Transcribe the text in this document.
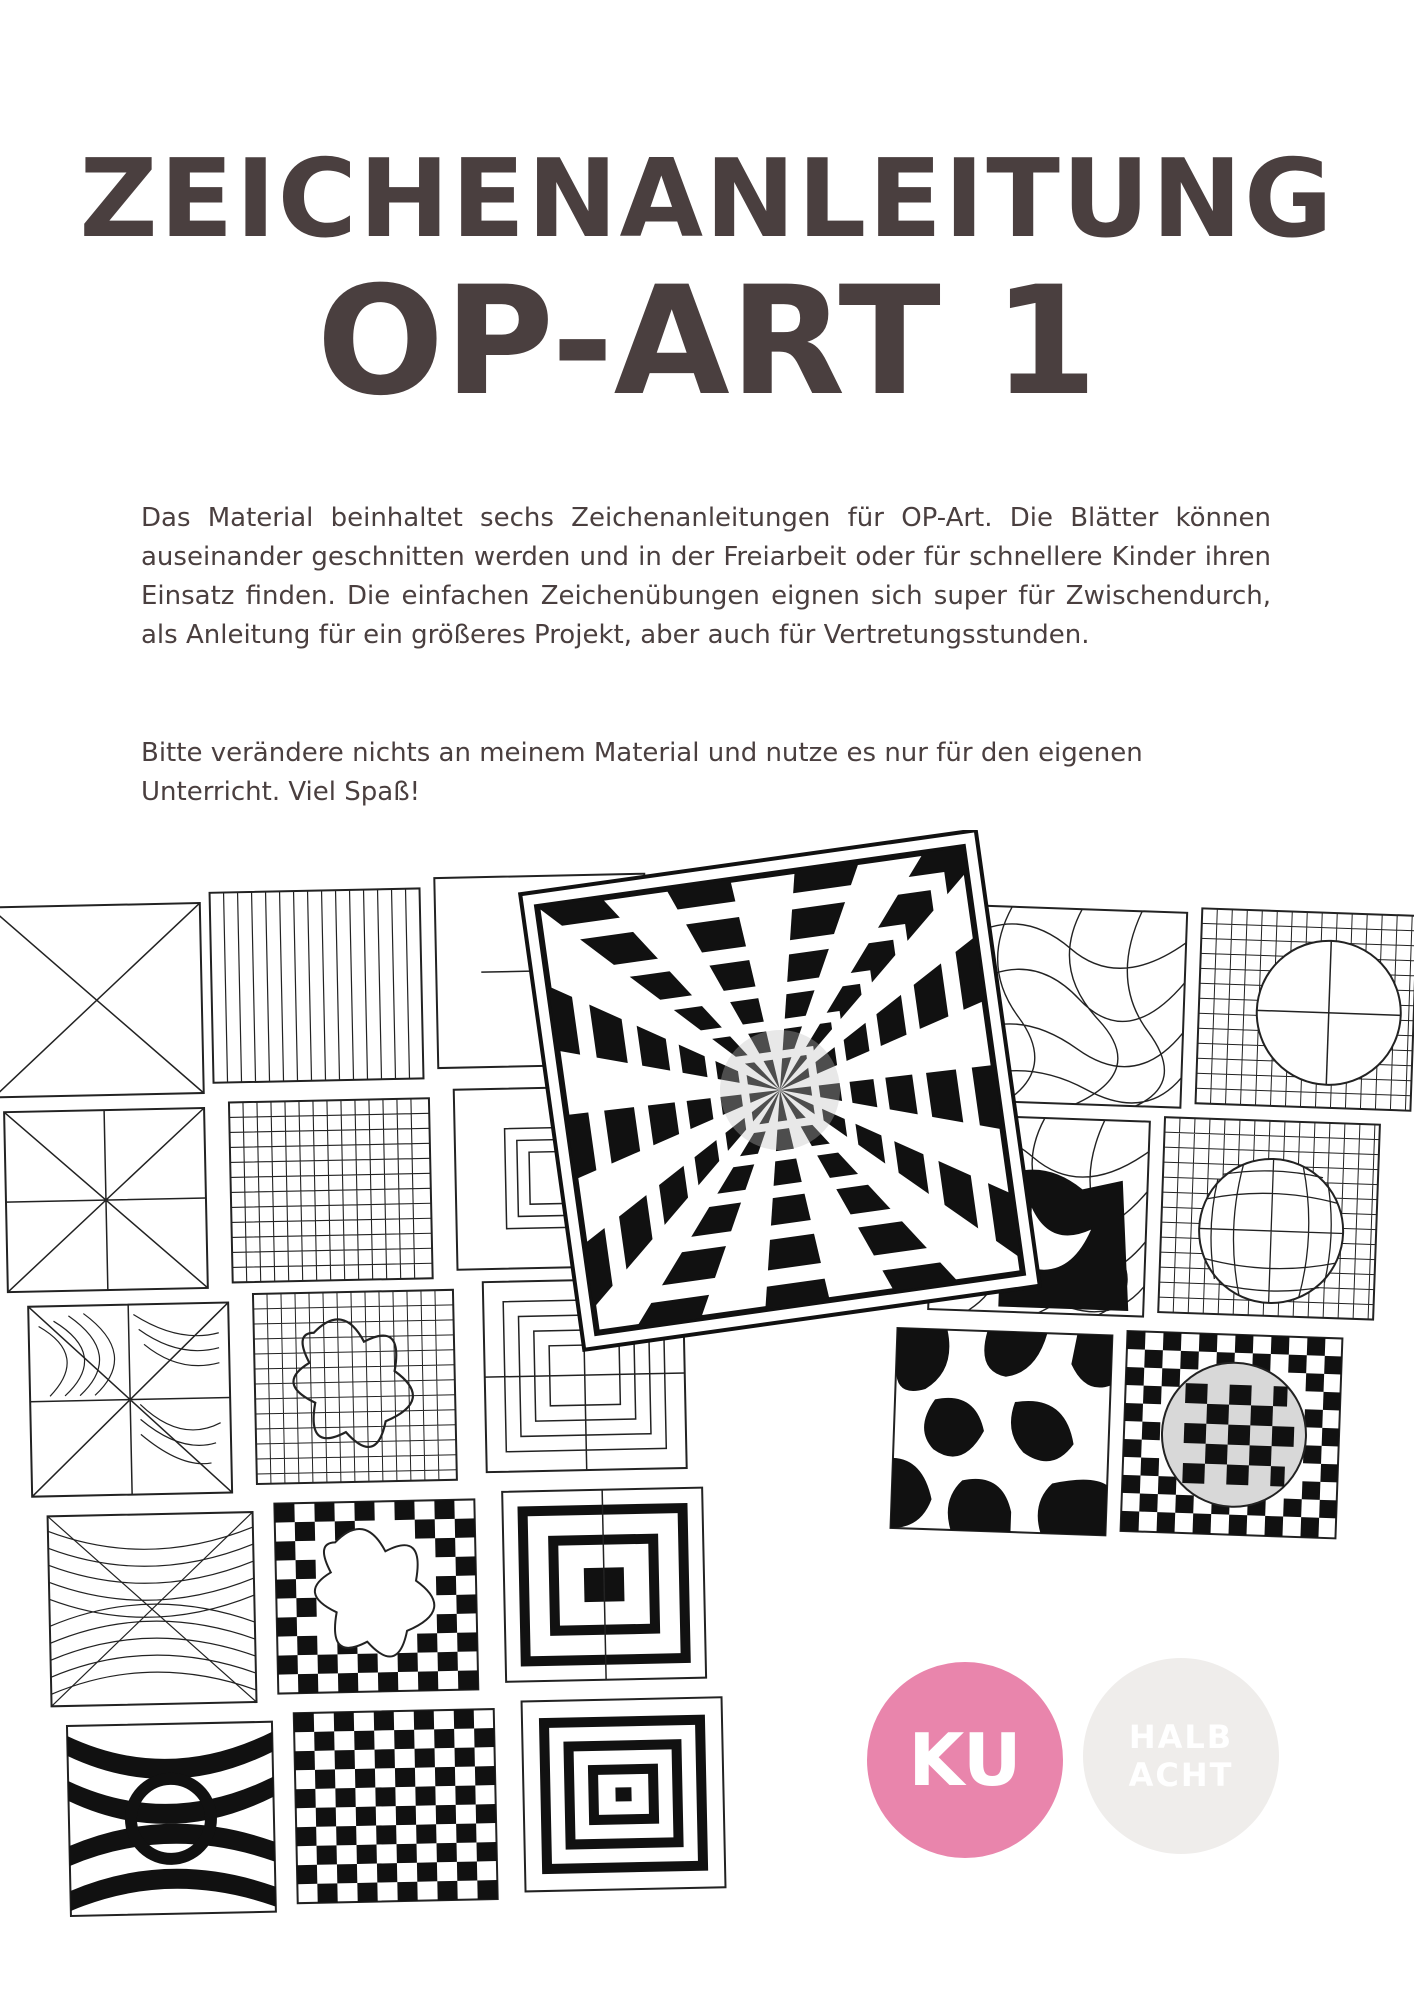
ZEICHENANLEITUNG
OP-ART 1

Das Material beinhaltet sechs Zeichenanleitungen für OP-Art. Die Blätter können auseinander geschnitten werden und in der Freiarbeit oder für schnellere Kinder ihren Einsatz finden. Die einfachen Zeichenübungen eignen sich super für Zwischendurch, als Anleitung für ein größeres Projekt, aber auch für Vertretungsstunden.

Bitte verändere nichts an meinem Material und nutze es nur für den eigenen Unterricht. Viel Spaß!

KU	HALB
ACHT
